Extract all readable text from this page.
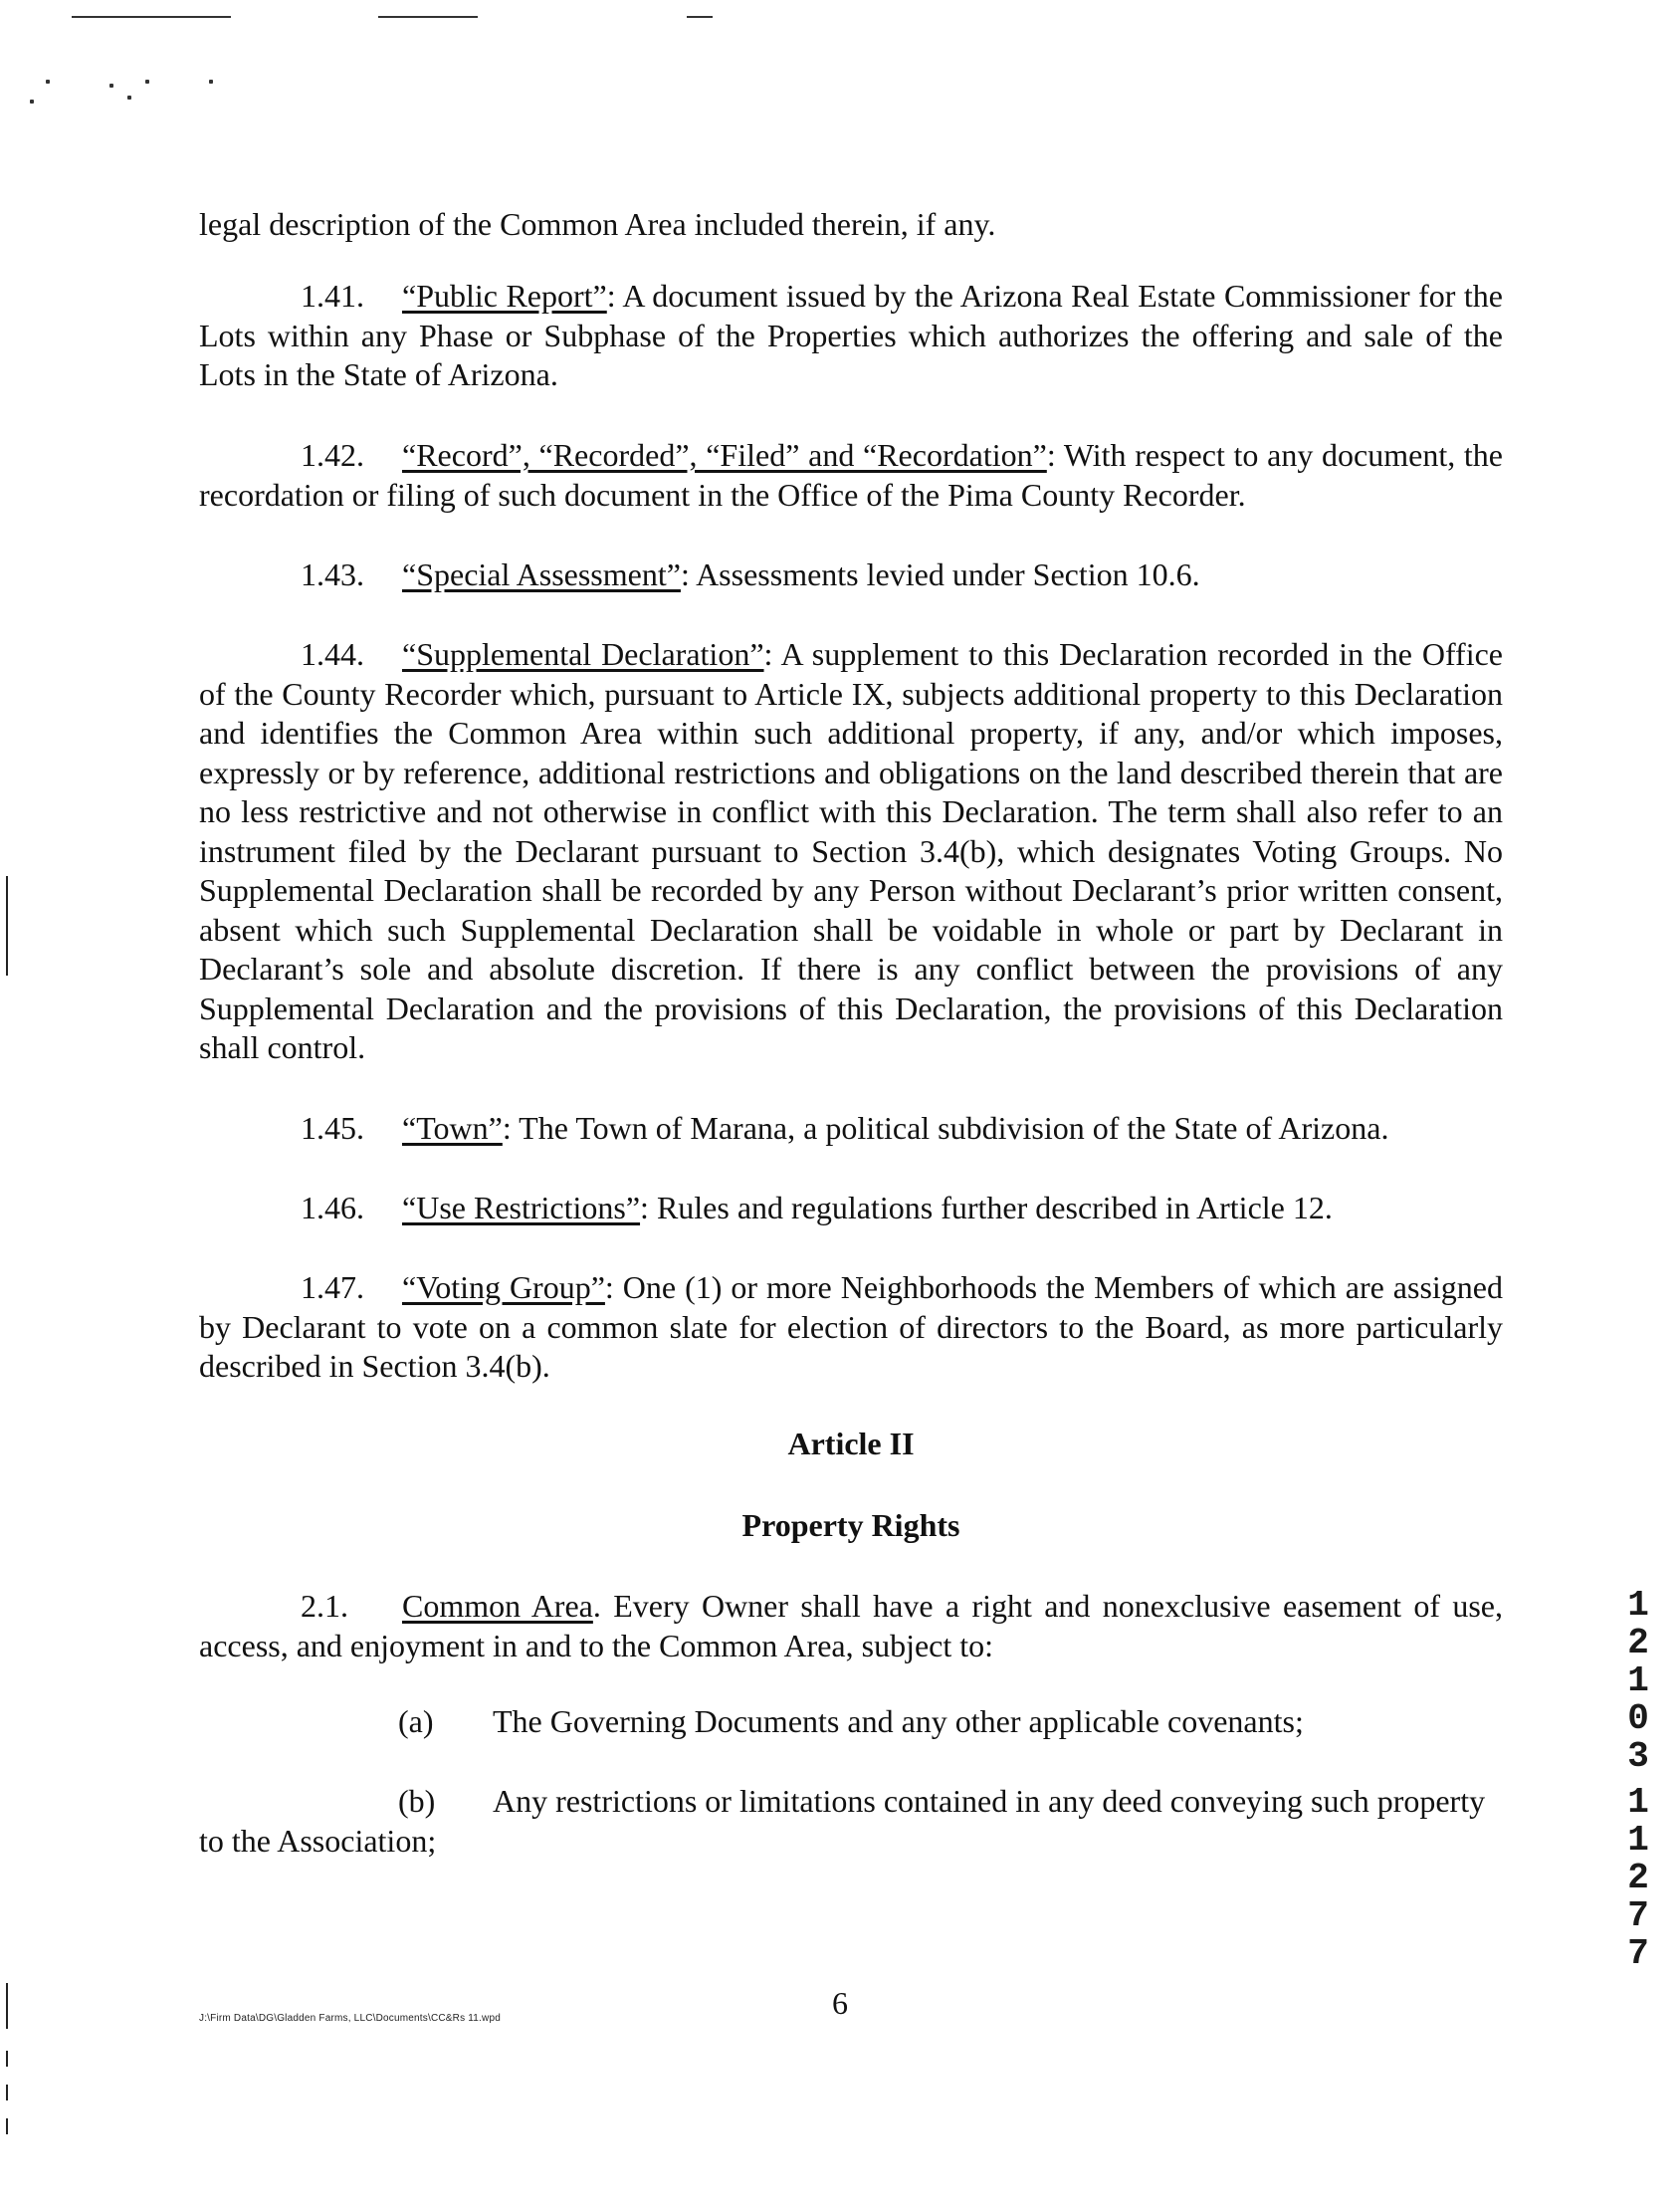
legal description of the Common Area included therein, if any.

1.41. “Public Report”: A document issued by the Arizona Real Estate Commissioner for the Lots within any Phase or Subphase of the Properties which authorizes the offering and sale of the Lots in the State of Arizona.

1.42. “Record”, “Recorded”, “Filed” and “Recordation”: With respect to any document, the recordation or filing of such document in the Office of the Pima County Recorder.

1.43. “Special Assessment”: Assessments levied under Section 10.6.

1.44. “Supplemental Declaration”: A supplement to this Declaration recorded in the Office of the County Recorder which, pursuant to Article IX, subjects additional property to this Declaration and identifies the Common Area within such additional property, if any, and/or which imposes, expressly or by reference, additional restrictions and obligations on the land described therein that are no less restrictive and not otherwise in conflict with this Declaration. The term shall also refer to an instrument filed by the Declarant pursuant to Section 3.4(b), which designates Voting Groups. No Supplemental Declaration shall be recorded by any Person without Declarant’s prior written consent, absent which such Supplemental Declaration shall be voidable in whole or part by Declarant in Declarant’s sole and absolute discretion. If there is any conflict between the provisions of any Supplemental Declaration and the provisions of this Declaration, the provisions of this Declaration shall control.

1.45. “Town”: The Town of Marana, a political subdivision of the State of Arizona.

1.46. “Use Restrictions”: Rules and regulations further described in Article 12.

1.47. “Voting Group”: One (1) or more Neighborhoods the Members of which are assigned by Declarant to vote on a common slate for election of directors to the Board, as more particularly described in Section 3.4(b).

Article II

Property Rights

2.1. Common Area. Every Owner shall have a right and nonexclusive easement of use, access, and enjoyment in and to the Common Area, subject to:

(a) The Governing Documents and any other applicable covenants;

(b) Any restrictions or limitations contained in any deed conveying such property

to the Association;

J:\Firm Data\DG\Gladden Farms, LLC\Documents\CC&Rs 11.wpd	6
1
2
1
0
3
1
1
2
7
7
